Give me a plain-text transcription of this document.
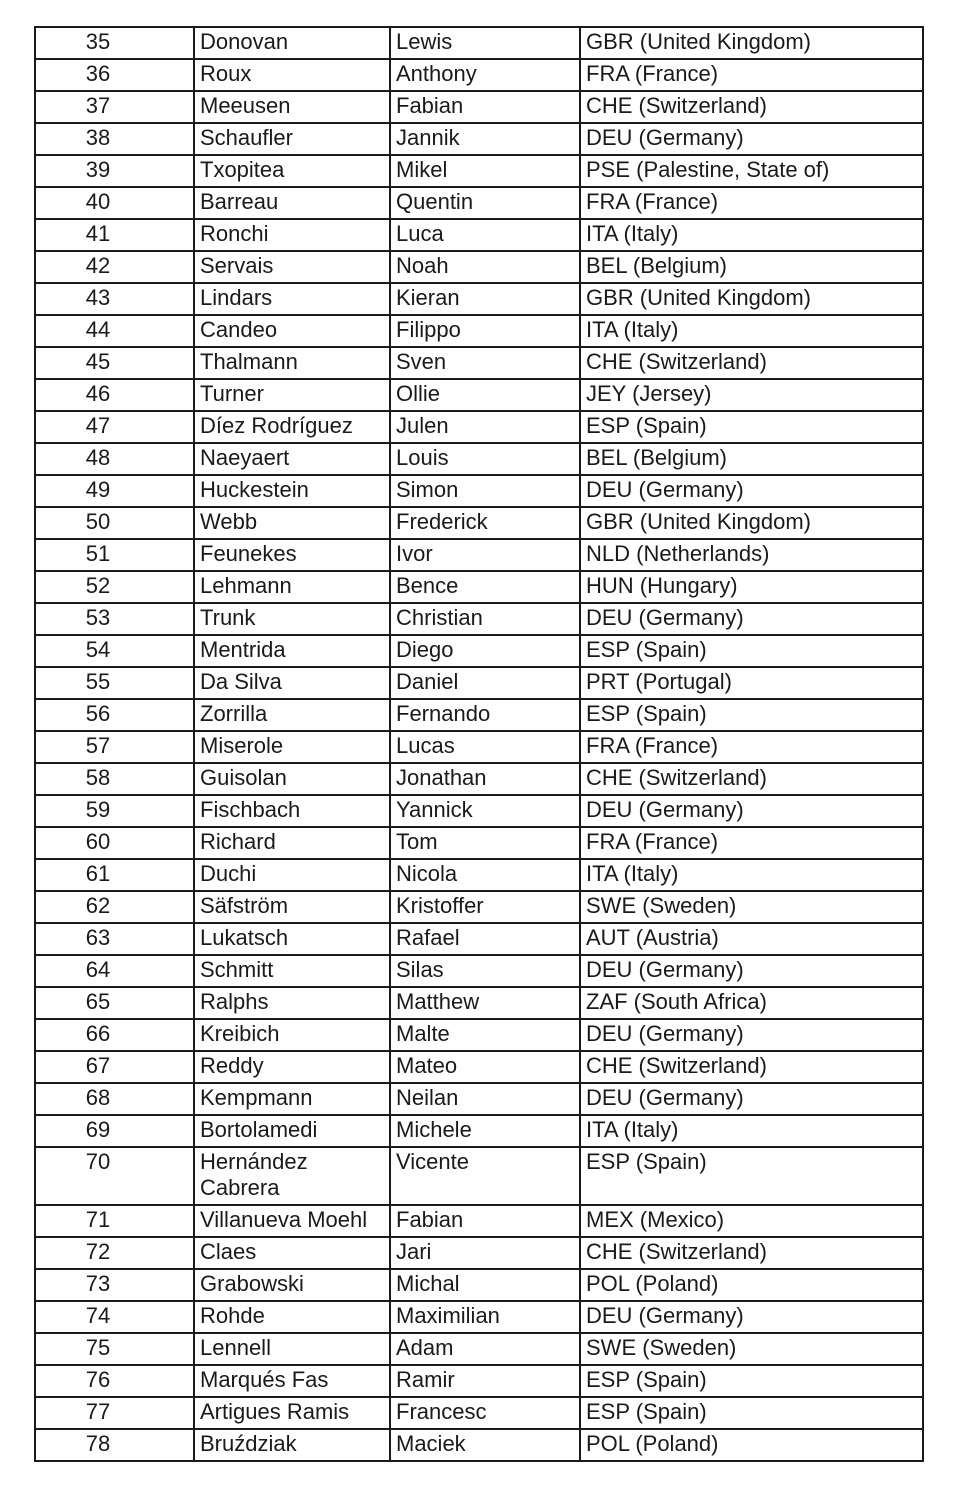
35	Donovan	Lewis	GBR (United Kingdom)
36	Roux	Anthony	FRA (France)
37	Meeusen	Fabian	CHE (Switzerland)
38	Schaufler	Jannik	DEU (Germany)
39	Txopitea	Mikel	PSE (Palestine, State of)
40	Barreau	Quentin	FRA (France)
41	Ronchi	Luca	ITA (Italy)
42	Servais	Noah	BEL (Belgium)
43	Lindars	Kieran	GBR (United Kingdom)
44	Candeo	Filippo	ITA (Italy)
45	Thalmann	Sven	CHE (Switzerland)
46	Turner	Ollie	JEY (Jersey)
47	Díez Rodríguez	Julen	ESP (Spain)
48	Naeyaert	Louis	BEL (Belgium)
49	Huckestein	Simon	DEU (Germany)
50	Webb	Frederick	GBR (United Kingdom)
51	Feunekes	Ivor	NLD (Netherlands)
52	Lehmann	Bence	HUN (Hungary)
53	Trunk	Christian	DEU (Germany)
54	Mentrida	Diego	ESP (Spain)
55	Da Silva	Daniel	PRT (Portugal)
56	Zorrilla	Fernando	ESP (Spain)
57	Miserole	Lucas	FRA (France)
58	Guisolan	Jonathan	CHE (Switzerland)
59	Fischbach	Yannick	DEU (Germany)
60	Richard	Tom	FRA (France)
61	Duchi	Nicola	ITA (Italy)
62	Säfström	Kristoffer	SWE (Sweden)
63	Lukatsch	Rafael	AUT (Austria)
64	Schmitt	Silas	DEU (Germany)
65	Ralphs	Matthew	ZAF (South Africa)
66	Kreibich	Malte	DEU (Germany)
67	Reddy	Mateo	CHE (Switzerland)
68	Kempmann	Neilan	DEU (Germany)
69	Bortolamedi	Michele	ITA (Italy)
70	Hernández Cabrera	Vicente	ESP (Spain)
71	Villanueva Moehl	Fabian	MEX (Mexico)
72	Claes	Jari	CHE (Switzerland)
73	Grabowski	Michal	POL (Poland)
74	Rohde	Maximilian	DEU (Germany)
75	Lennell	Adam	SWE (Sweden)
76	Marqués Fas	Ramir	ESP (Spain)
77	Artigues Ramis	Francesc	ESP (Spain)
78	Bruździak	Maciek	POL (Poland)
